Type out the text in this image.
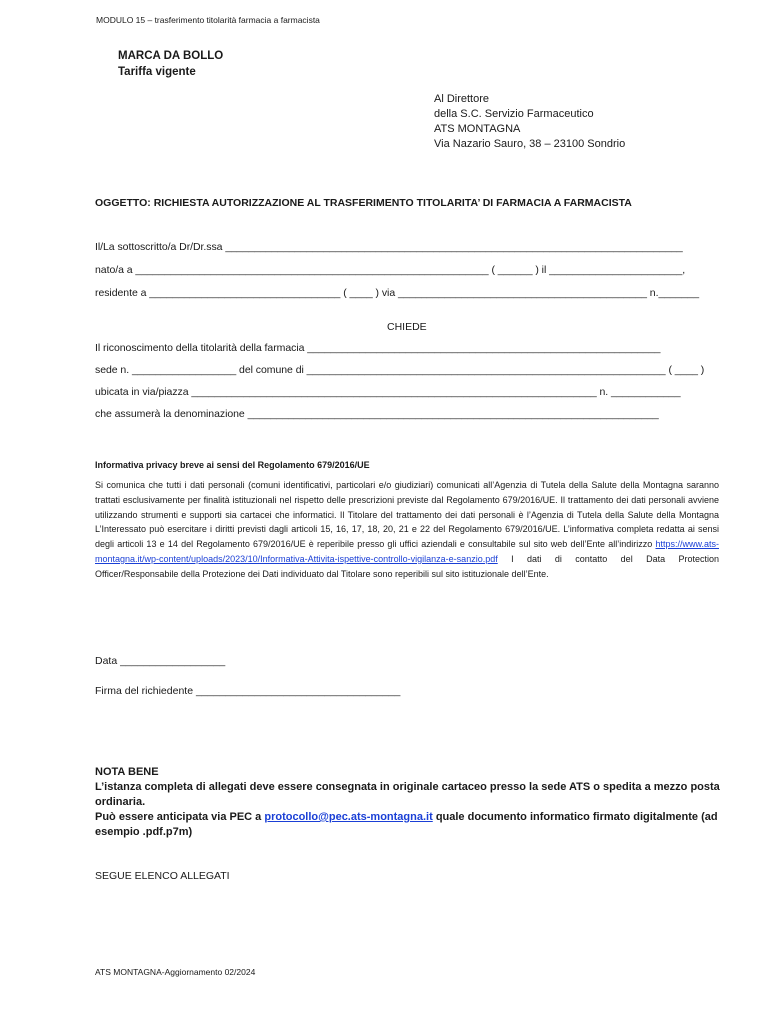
MODULO 15 – trasferimento titolarità farmacia a farmacista
MARCA DA BOLLO
Tariffa vigente
Al Direttore
della S.C. Servizio Farmaceutico
ATS MONTAGNA
Via Nazario Sauro, 38 – 23100 Sondrio
OGGETTO: RICHIESTA AUTORIZZAZIONE AL TRASFERIMENTO TITOLARITA’ DI FARMACIA A FARMACISTA
Il/La sottoscritto/a Dr/Dr.ssa _______________________________________________________________________________
nato/a a _____________________________________________________________ ( ______ ) il _______________________,
residente a _________________________________ ( ____ ) via ___________________________________________ n._______
CHIEDE
Il riconoscimento della titolarità della farmacia _____________________________________________________________
sede n. __________________ del comune di ______________________________________________________________ ( ____ )
ubicata in via/piazza ______________________________________________________________________ n. ____________
che assumerà la denominazione _______________________________________________________________________
Informativa privacy breve ai sensi del Regolamento 679/2016/UE
Si comunica che tutti i dati personali (comuni identificativi, particolari e/o giudiziari) comunicati all’Agenzia di Tutela della Salute della Montagna saranno trattati esclusivamente per finalità istituzionali nel rispetto delle prescrizioni previste dal Regolamento 679/2016/UE. Il trattamento dei dati personali avviene utilizzando strumenti e supporti sia cartacei che informatici. Il Titolare del trattamento dei dati personali è l’Agenzia di Tutela della Salute della Montagna L’Interessato può esercitare i diritti previsti dagli articoli 15, 16, 17, 18, 20, 21 e 22 del Regolamento 679/2016/UE. L’informativa completa redatta ai sensi degli articoli 13 e 14 del Regolamento 679/2016/UE è reperibile presso gli uffici aziendali e consultabile sul sito web dell’Ente all’indirizzo https://www.ats-montagna.it/wp-content/uploads/2023/10/Informativa-Attivita-ispettive-controllo-vigilanza-e-sanzio.pdf I dati di contatto del Data Protection Officer/Responsabile della Protezione dei Dati individuato dal Titolare sono reperibili sul sito istituzionale dell’Ente.
Data __________________
Firma del richiedente ___________________________________
NOTA BENE
L’istanza completa di allegati deve essere consegnata in originale cartaceo presso la sede ATS o spedita a mezzo posta ordinaria.
Può essere anticipata via PEC a protocollo@pec.ats-montagna.it quale documento informatico firmato digitalmente (ad esempio .pdf.p7m)
SEGUE ELENCO ALLEGATI
ATS MONTAGNA-Aggiornamento 02/2024
